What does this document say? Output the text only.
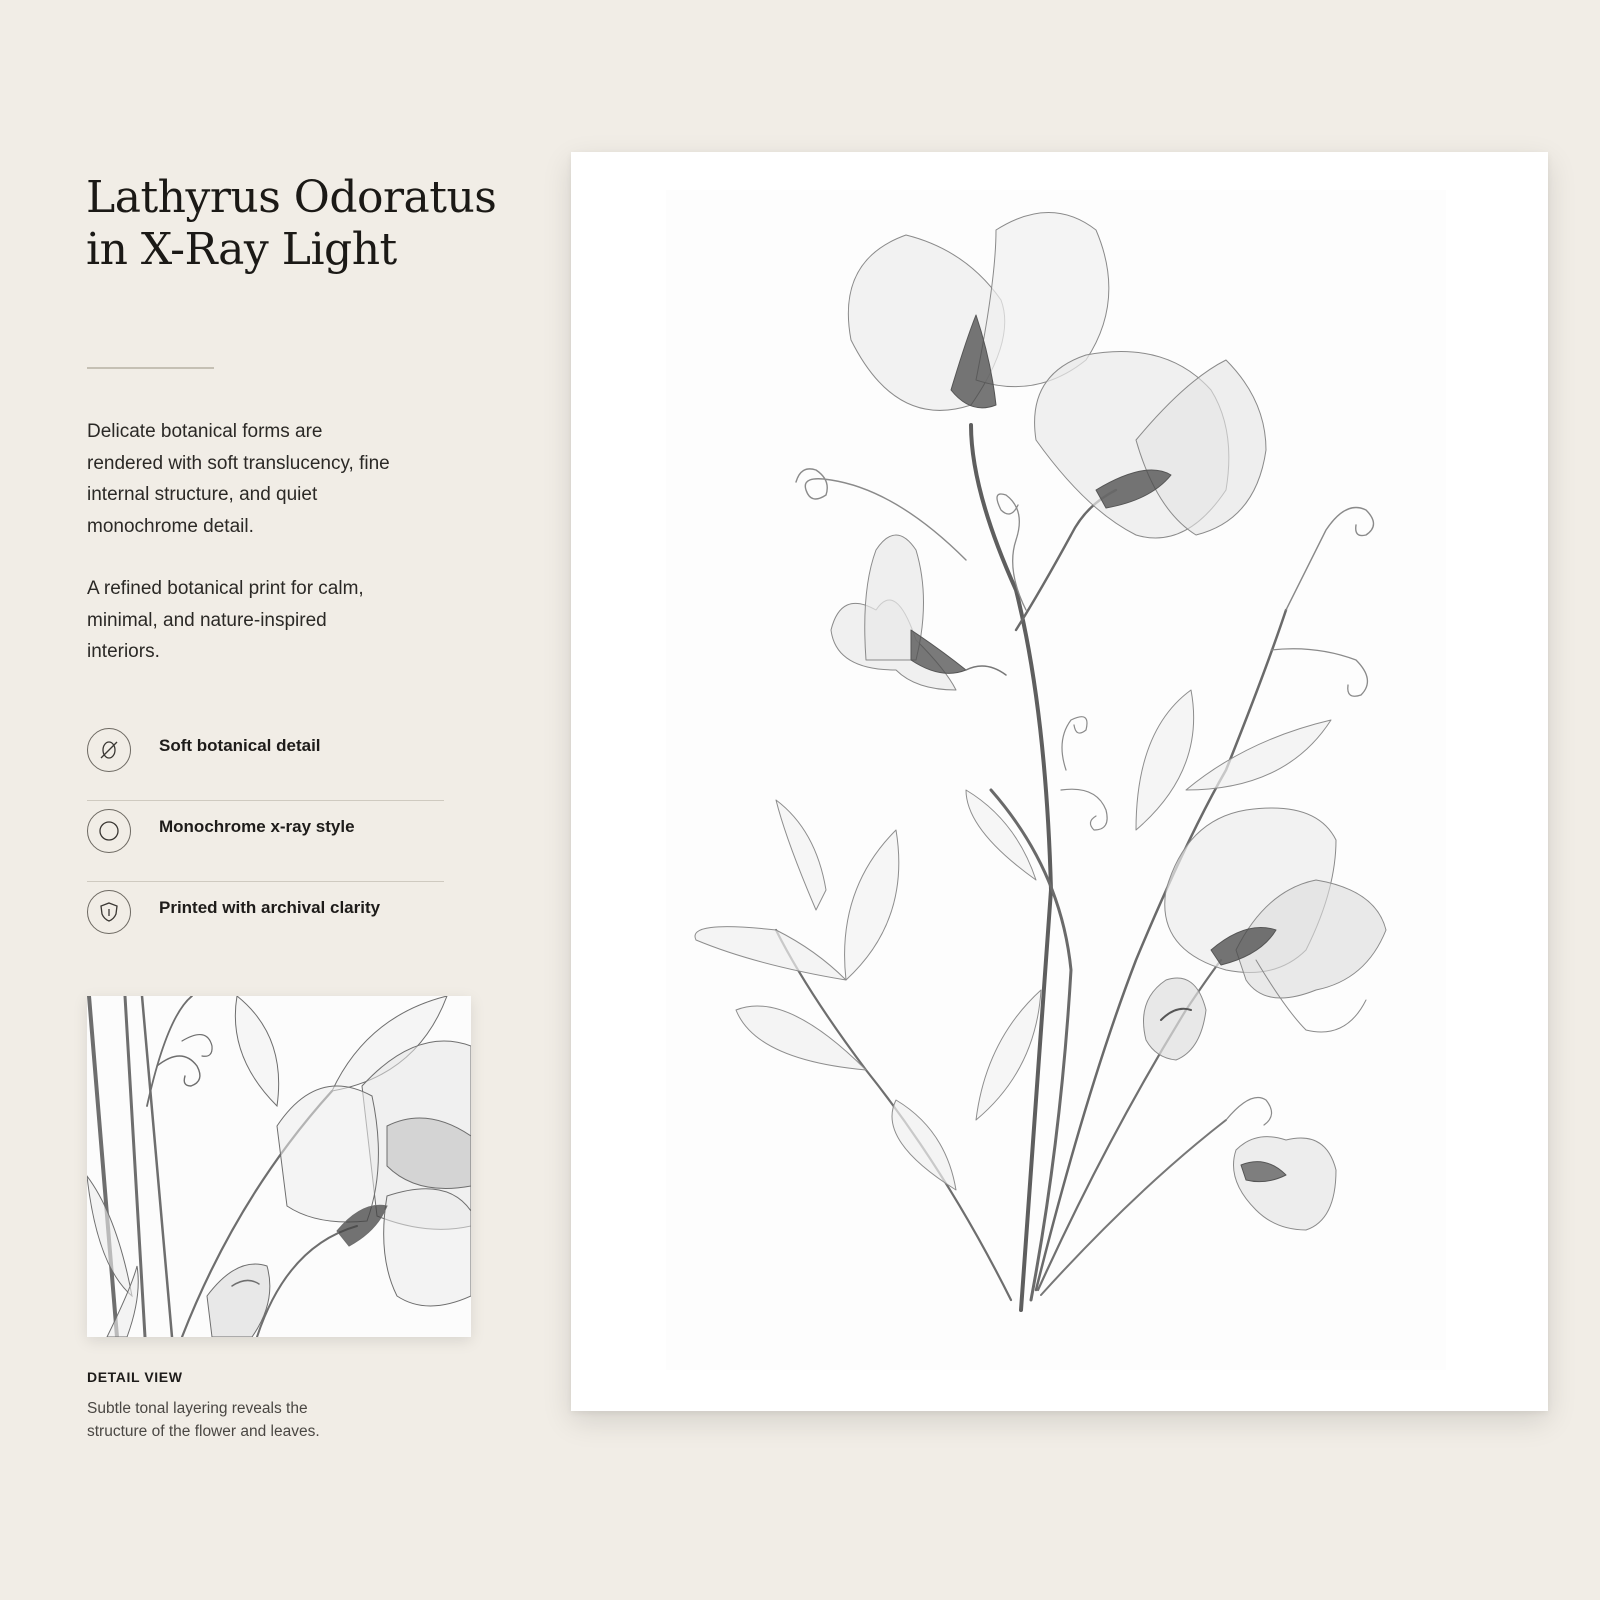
Lathyrus Odoratus
in X-Ray Light

Delicate botanical forms are rendered with soft translucency, fine internal structure, and quiet monochrome detail.

A refined botanical print for calm, minimal, and nature-inspired interiors.

Soft botanical detail
Monochrome x-ray style
Printed with archival clarity
DETAIL VIEW

Subtle tonal layering reveals the structure of the flower and leaves.
